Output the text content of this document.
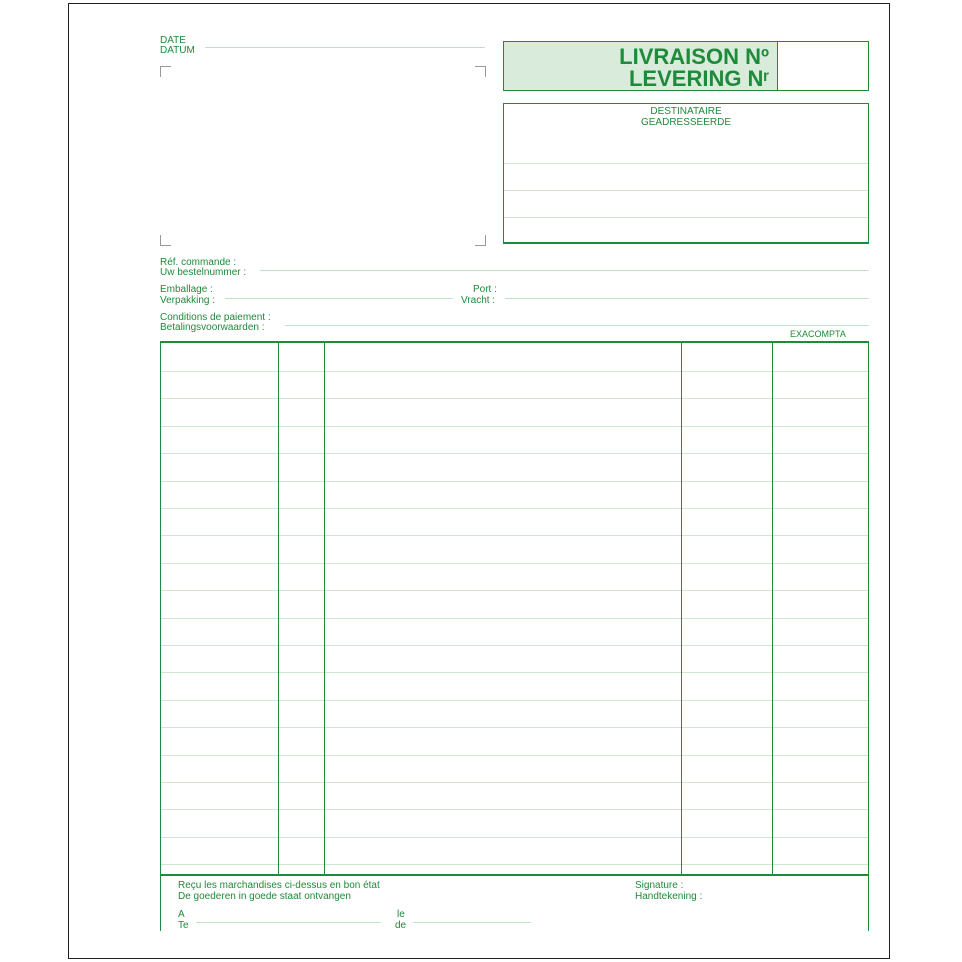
DATE
DATUM	LIVRAISON Nº
LEVERING Nʳ
DESTINATAIRE
GEADRESSEERDE
Réf. commande :
Uw bestelnummer :
Emballage :
Verpakking :
Port :
Vracht :
Conditions de paiement :
Betalingsvoorwaarden :
EXACOMPTA
Reçu les marchandises ci-dessus en bon état
De goederen in goede staat ontvangen
Signature :
Handtekening :
A
Te
le
de
